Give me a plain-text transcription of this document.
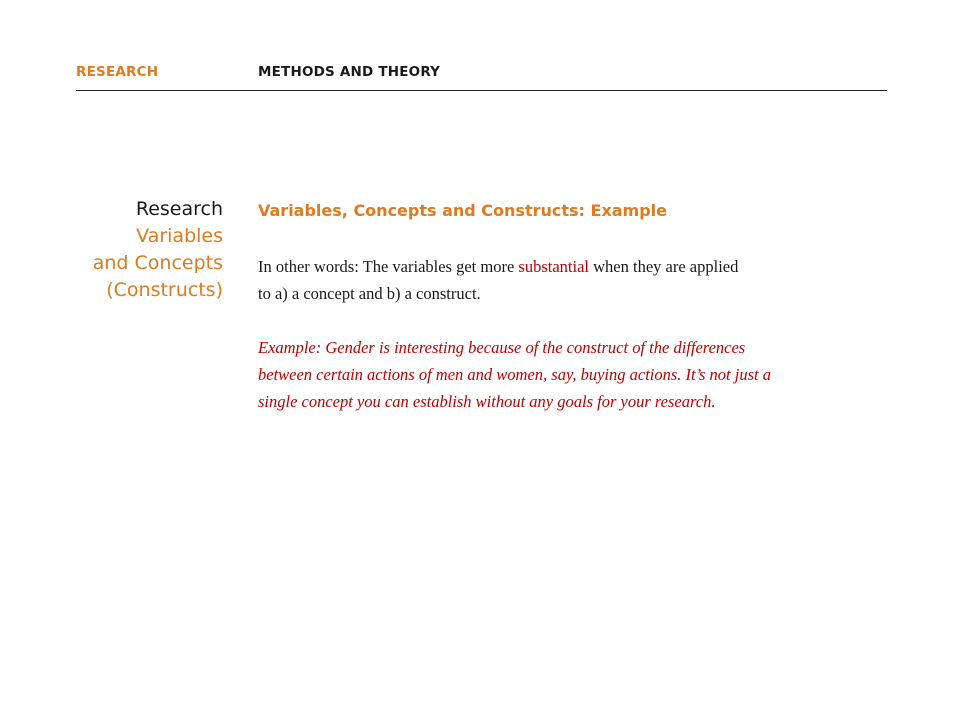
RESEARCH	METHODS AND THEORY
Research
Variables
and Concepts
(Constructs)
Variables, Concepts and Constructs: Example

In other words: The variables get more substantial when they are applied
to a) a concept and b) a construct.

Example: Gender is interesting because of the construct of the differences
between certain actions of men and women, say, buying actions. It’s not just a
single concept you can establish without any goals for your research.
